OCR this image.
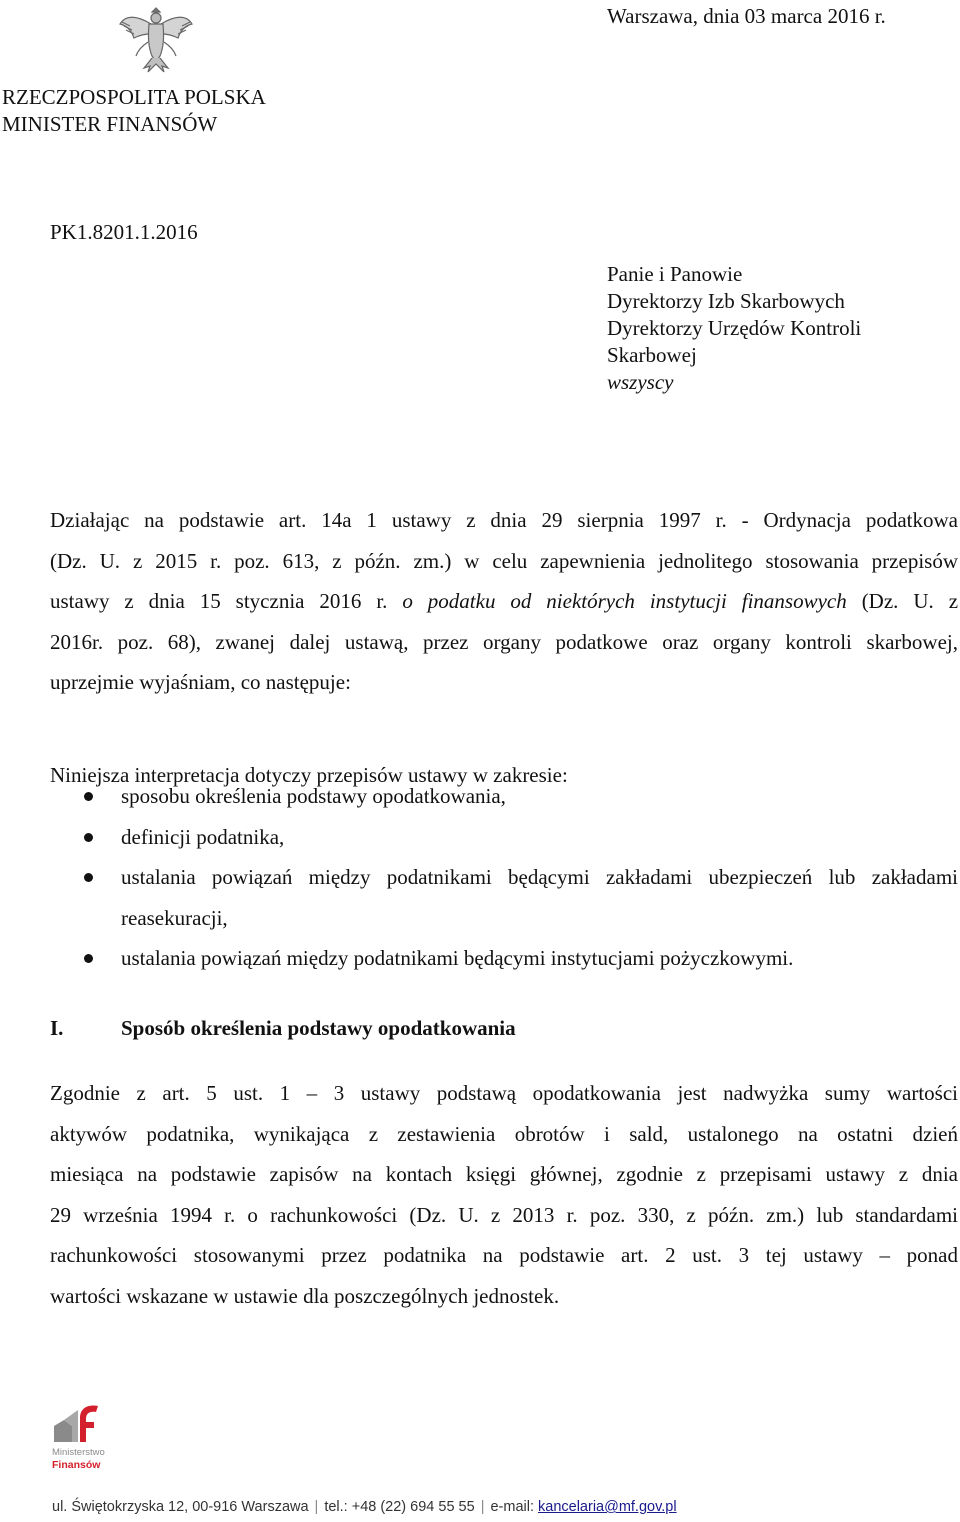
Warszawa, dnia 03 marca 2016 r.
RZECZPOSPOLITA POLSKA
MINISTER FINANSÓW
PK1.8201.1.2016
Panie i Panowie
Dyrektorzy Izb Skarbowych
Dyrektorzy Urzędów Kontroli
Skarbowej
wszyscy
Działając na podstawie art. 14a 1 ustawy z dnia 29 sierpnia 1997 r. - Ordynacja podatkowa
(Dz. U. z 2015 r. poz. 613, z późn. zm.) w celu zapewnienia jednolitego stosowania przepisów
ustawy z dnia 15 stycznia 2016 r. o podatku od niektórych instytucji finansowych (Dz. U. z
2016r. poz. 68), zwanej dalej ustawą, przez organy podatkowe oraz organy kontroli skarbowej,
uprzejmie wyjaśniam, co następuje:
Niniejsza interpretacja dotyczy przepisów ustawy w zakresie:
sposobu określenia podstawy opodatkowania,
definicji podatnika,
ustalania powiązań między podatnikami będącymi zakładami ubezpieczeń lub zakładami reasekuracji,
ustalania powiązań między podatnikami będącymi instytucjami pożyczkowymi.
I.	Sposób określenia podstawy opodatkowania
Zgodnie z art. 5 ust. 1 – 3 ustawy podstawą opodatkowania jest nadwyżka sumy wartości
aktywów podatnika, wynikająca z zestawienia obrotów i sald, ustalonego na ostatni dzień
miesiąca na podstawie zapisów na kontach księgi głównej, zgodnie z przepisami ustawy z dnia
29 września 1994 r. o rachunkowości (Dz. U. z 2013 r. poz. 330, z późn. zm.) lub standardami
rachunkowości stosowanymi przez podatnika na podstawie art. 2 ust. 3 tej ustawy – ponad
wartości wskazane w ustawie dla poszczególnych jednostek.
Ministerstwo
Finansów
ul. Świętokrzyska 12, 00-916 Warszawa | tel.: +48 (22) 694 55 55 | e-mail: kancelaria@mf.gov.pl
